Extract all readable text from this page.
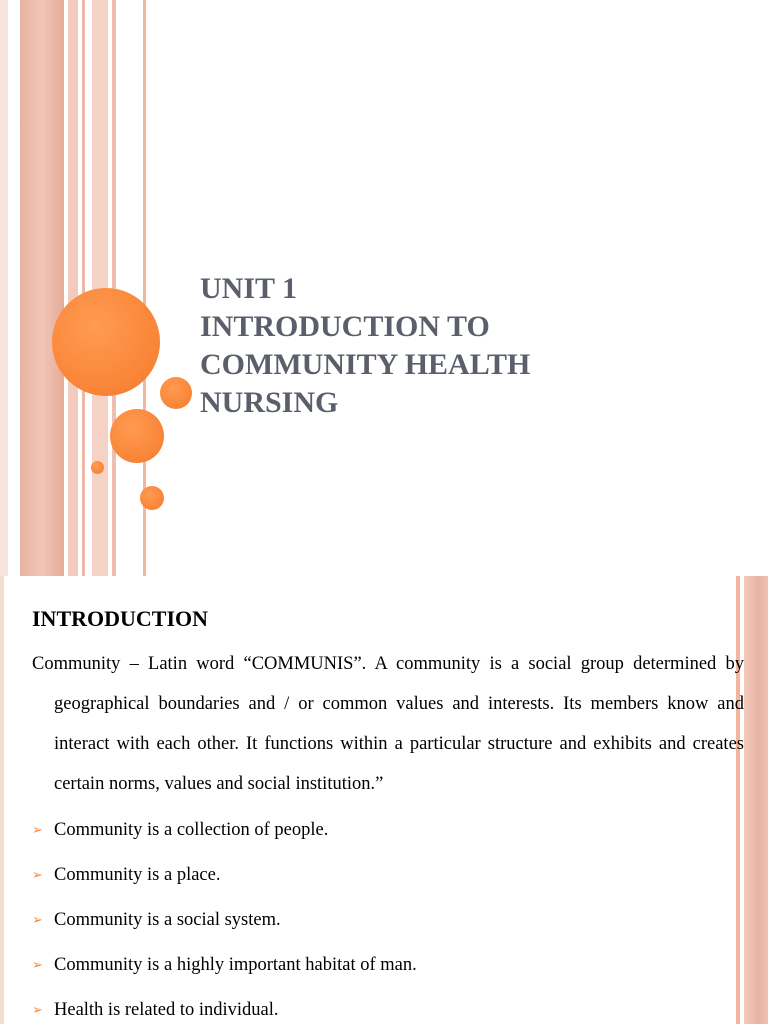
UNIT 1
INTRODUCTION TO
COMMUNITY HEALTH
NURSING
INTRODUCTION

Community – Latin word “COMMUNIS”. A community is a social group determined by geographical boundaries and / or common values and interests. Its members know and interact with each other. It functions within a particular structure and exhibits and creates certain norms, values and social institution.”

➢ Community is a collection of people.
➢ Community is a place.
➢ Community is a social system.
➢ Community is a highly important habitat of man.
➢ Health is related to individual.
